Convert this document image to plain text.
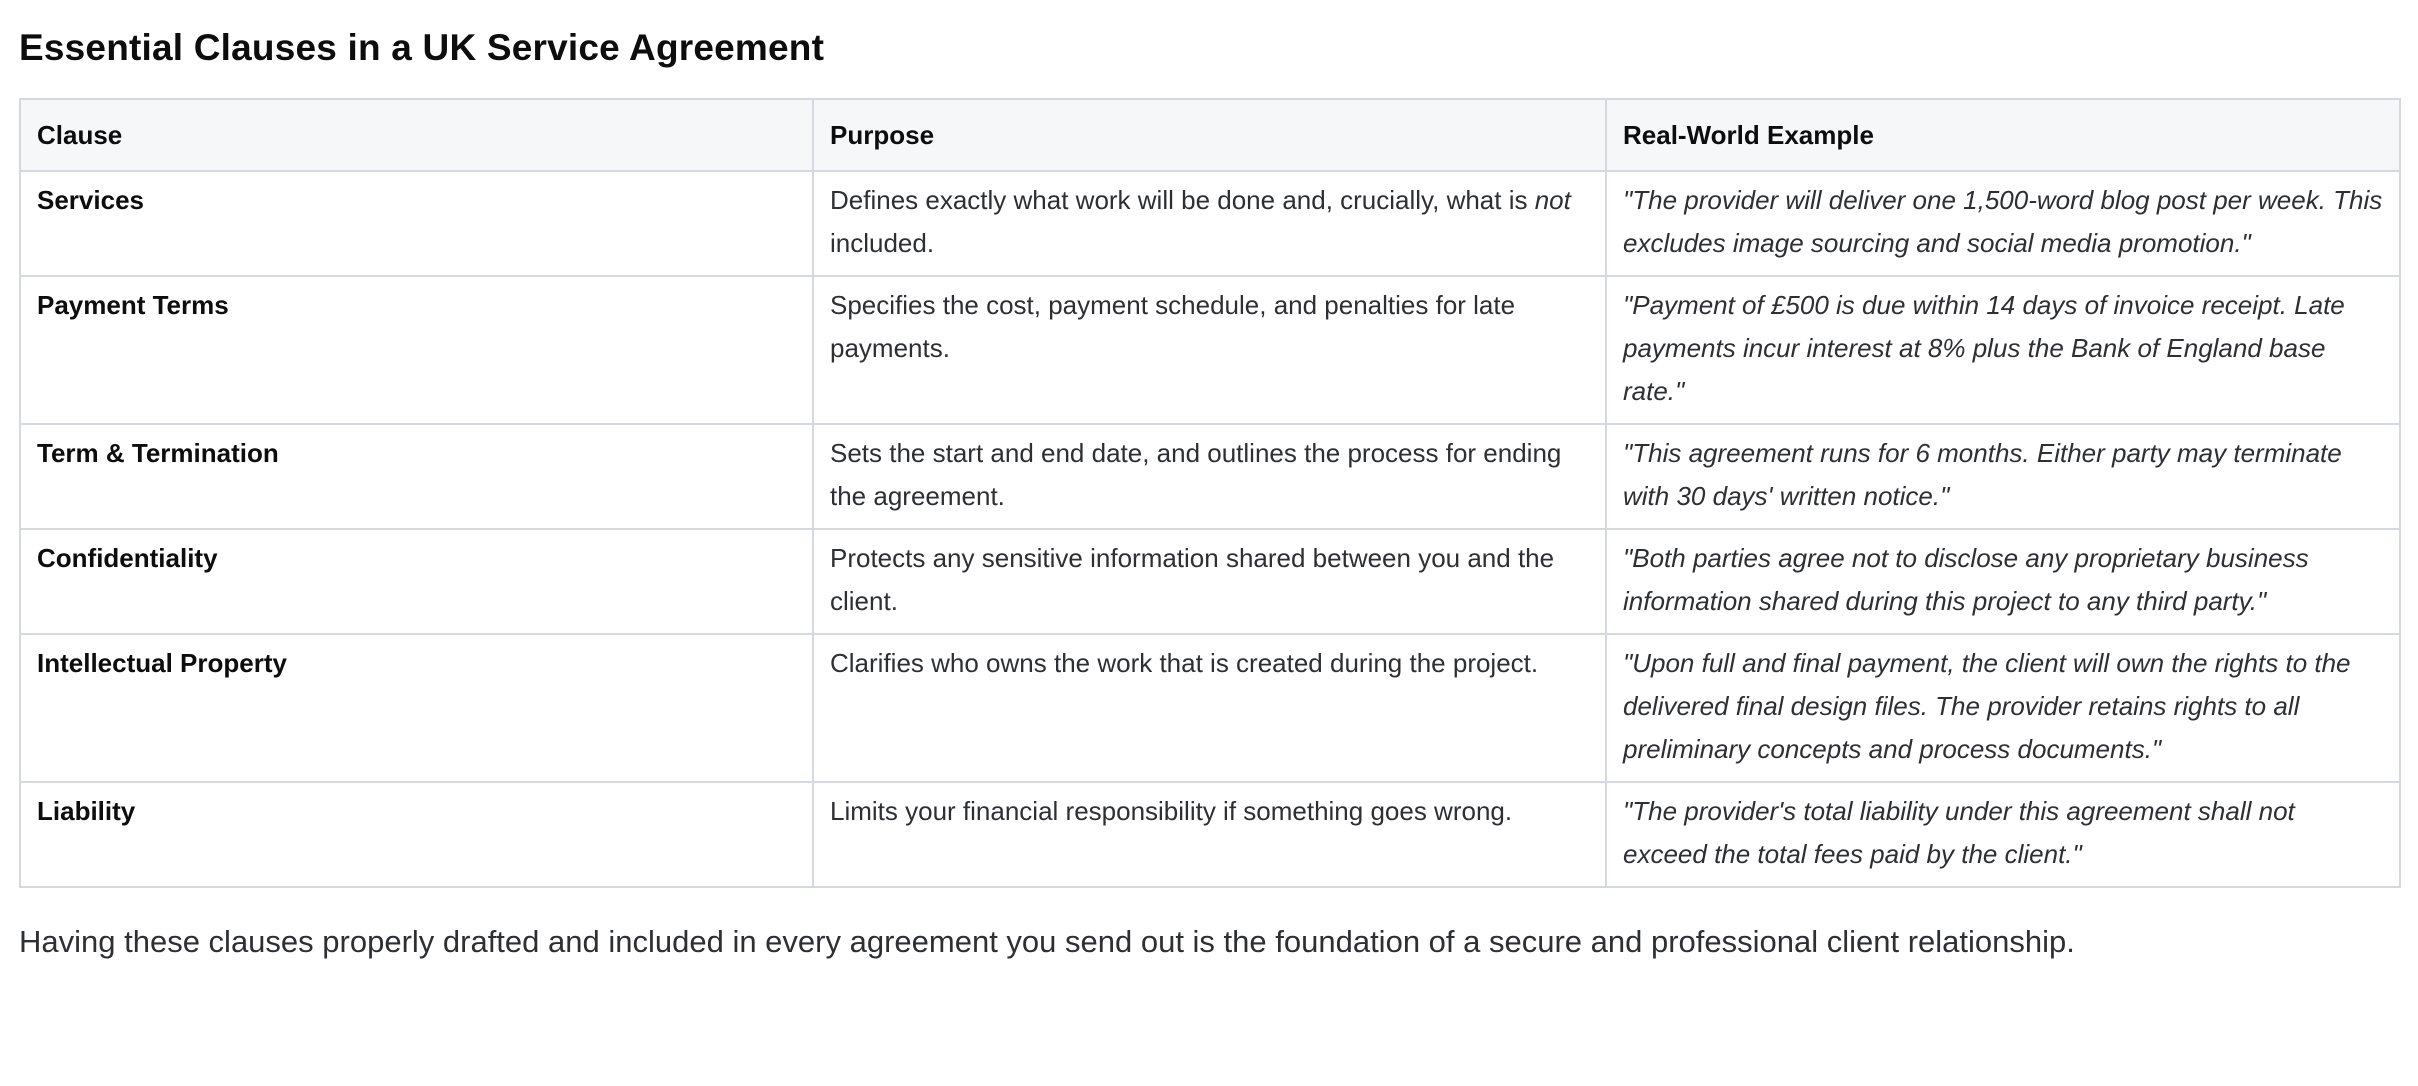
Essential Clauses in a UK Service Agreement
Clause	Purpose	Real-World Example
Services	Defines exactly what work will be done and, crucially, what is not included.	"The provider will deliver one 1,500-word blog post per week. This excludes image sourcing and social media promotion."
Payment Terms	Specifies the cost, payment schedule, and penalties for late payments.	"Payment of £500 is due within 14 days of invoice receipt. Late payments incur interest at 8% plus the Bank of England base rate."
Term & Termination	Sets the start and end date, and outlines the process for ending the agreement.	"This agreement runs for 6 months. Either party may terminate with 30 days' written notice."
Confidentiality	Protects any sensitive information shared between you and the client.	"Both parties agree not to disclose any proprietary business information shared during this project to any third party."
Intellectual Property	Clarifies who owns the work that is created during the project.	"Upon full and final payment, the client will own the rights to the delivered final design files. The provider retains rights to all preliminary concepts and process documents."
Liability	Limits your financial responsibility if something goes wrong.	"The provider's total liability under this agreement shall not exceed the total fees paid by the client."

Having these clauses properly drafted and included in every agreement you send out is the foundation of a secure and professional client relationship.
